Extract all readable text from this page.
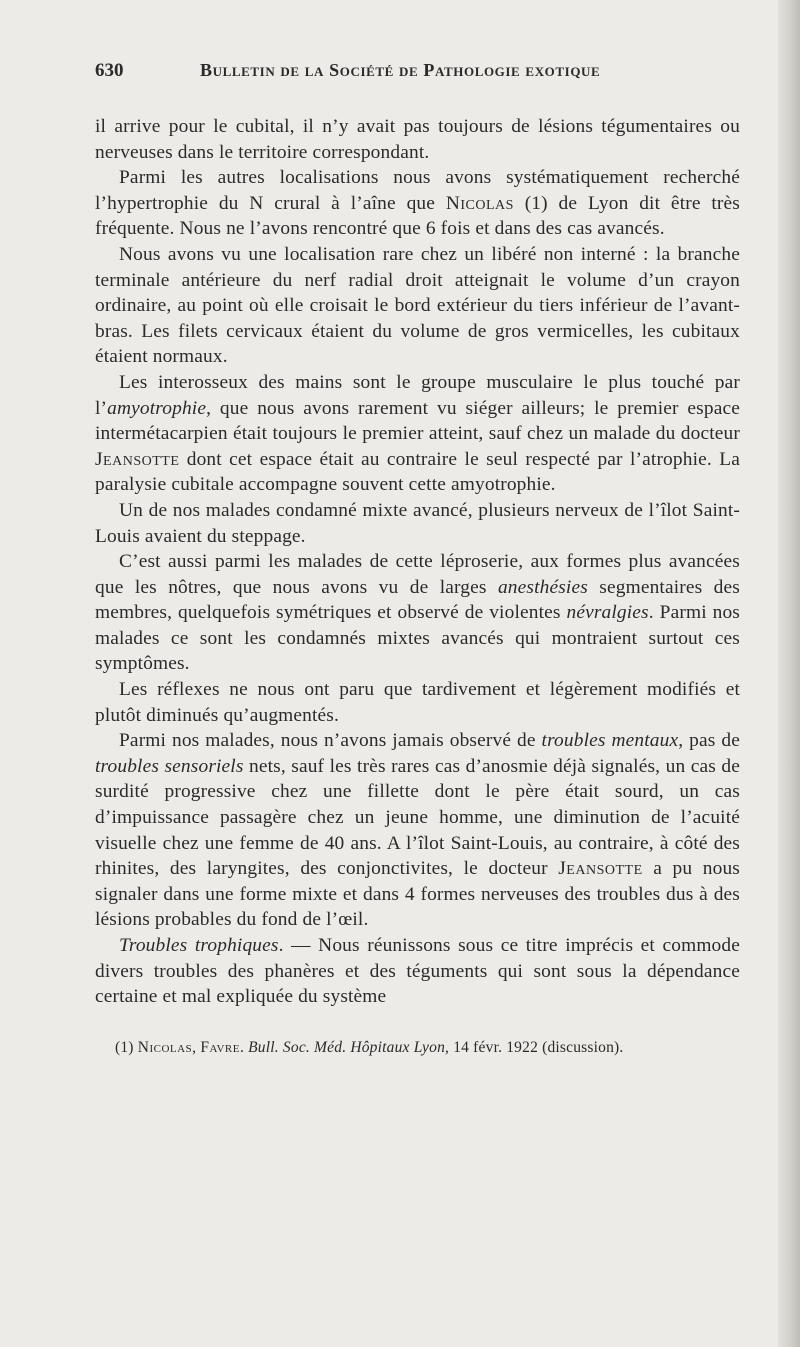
630	Bulletin de la Société de Pathologie exotique

il arrive pour le cubital, il n’y avait pas toujours de lésions tégumentaires ou nerveuses dans le territoire correspondant.

Parmi les autres localisations nous avons systématiquement recherché l’hypertrophie du N crural à l’aîne que Nicolas (1) de Lyon dit être très fréquente. Nous ne l’avons rencontré que 6 fois et dans des cas avancés.

Nous avons vu une localisation rare chez un libéré non interné : la branche terminale antérieure du nerf radial droit atteignait le volume d’un crayon ordinaire, au point où elle croisait le bord extérieur du tiers inférieur de l’avant-bras. Les filets cervicaux étaient du volume de gros vermicelles, les cubitaux étaient normaux.

Les interosseux des mains sont le groupe musculaire le plus touché par l’amyotrophie, que nous avons rarement vu siéger ailleurs; le premier espace intermétacarpien était toujours le premier atteint, sauf chez un malade du docteur Jeansotte dont cet espace était au contraire le seul respecté par l’atrophie. La paralysie cubitale accompagne souvent cette amyotrophie.

Un de nos malades condamné mixte avancé, plusieurs nerveux de l’îlot Saint-Louis avaient du steppage.

C’est aussi parmi les malades de cette léproserie, aux formes plus avancées que les nôtres, que nous avons vu de larges anesthésies segmentaires des membres, quelquefois symétriques et observé de violentes névralgies. Parmi nos malades ce sont les condamnés mixtes avancés qui montraient surtout ces symptômes.

Les réflexes ne nous ont paru que tardivement et légèrement modifiés et plutôt diminués qu’augmentés.

Parmi nos malades, nous n’avons jamais observé de troubles mentaux, pas de troubles sensoriels nets, sauf les très rares cas d’anosmie déjà signalés, un cas de surdité progressive chez une fillette dont le père était sourd, un cas d’impuissance passagère chez un jeune homme, une diminution de l’acuité visuelle chez une femme de 40 ans. A l’îlot Saint-Louis, au contraire, à côté des rhinites, des laryngites, des conjonctivites, le docteur Jeansotte a pu nous signaler dans une forme mixte et dans 4 formes nerveuses des troubles dus à des lésions probables du fond de l’œil.

Troubles trophiques. — Nous réunissons sous ce titre imprécis et commode divers troubles des phanères et des téguments qui sont sous la dépendance certaine et mal expliquée du système

(1) Nicolas, Favre. Bull. Soc. Méd. Hôpitaux Lyon, 14 févr. 1922 (discussion).
